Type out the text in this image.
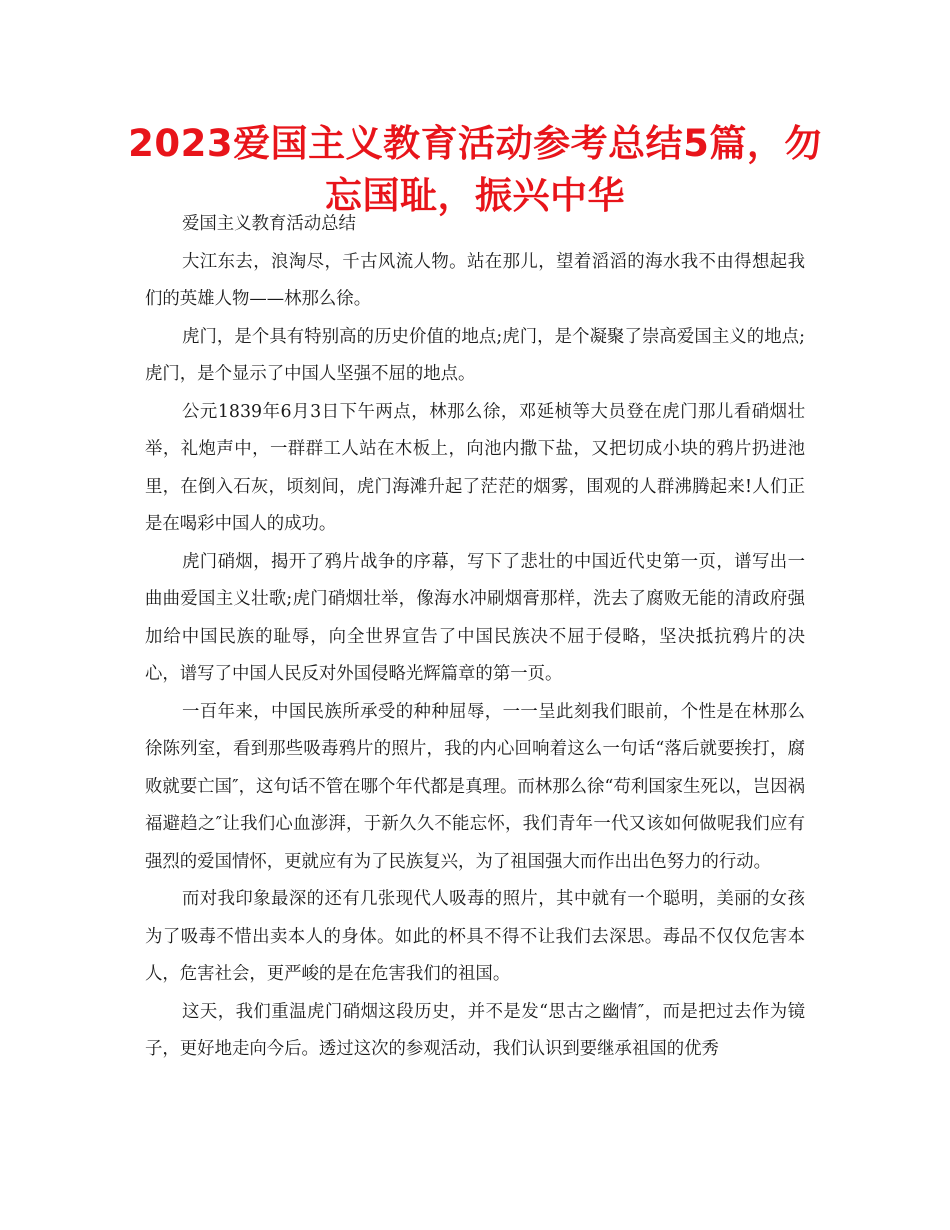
2023爱国主义教育活动参考总结5篇，勿忘国耻，振兴中华

爱国主义教育活动总结

大江东去，浪淘尽，千古风流人物。站在那儿，望着滔滔的海水我不由得想起我们的英雄人物——林那么徐。

虎门，是个具有特别高的历史价值的地点;虎门，是个凝聚了崇高爱国主义的地点;虎门，是个显示了中国人坚强不屈的地点。

公元1839年6月3日下午两点，林那么徐，邓延桢等大员登在虎门那儿看硝烟壮举，礼炮声中，一群群工人站在木板上，向池内撒下盐，又把切成小块的鸦片扔进池里，在倒入石灰，顷刻间，虎门海滩升起了茫茫的烟雾，围观的人群沸腾起来!人们正是在喝彩中国人的成功。

虎门硝烟，揭开了鸦片战争的序幕，写下了悲壮的中国近代史第一页，谱写出一曲曲爱国主义壮歌;虎门硝烟壮举，像海水冲刷烟膏那样，洗去了腐败无能的清政府强加给中国民族的耻辱，向全世界宣告了中国民族决不屈于侵略，坚决抵抗鸦片的决心，谱写了中国人民反对外国侵略光辉篇章的第一页。

一百年来，中国民族所承受的种种屈辱，一一呈此刻我们眼前，个性是在林那么徐陈列室，看到那些吸毒鸦片的照片，我的内心回响着这么一句话“落后就要挨打，腐败就要亡国″，这句话不管在哪个年代都是真理。而林那么徐“苟利国家生死以，岂因祸福避趋之″让我们心血澎湃，于新久久不能忘怀，我们青年一代又该如何做呢我们应有强烈的爱国情怀，更就应有为了民族复兴，为了祖国强大而作出出色努力的行动。

而对我印象最深的还有几张现代人吸毒的照片，其中就有一个聪明，美丽的女孩为了吸毒不惜出卖本人的身体。如此的杯具不得不让我们去深思。毒品不仅仅危害本人，危害社会，更严峻的是在危害我们的祖国。

这天，我们重温虎门硝烟这段历史，并不是发“思古之幽情″，而是把过去作为镜子，更好地走向今后。透过这次的参观活动，我们认识到要继承祖国的优秀
